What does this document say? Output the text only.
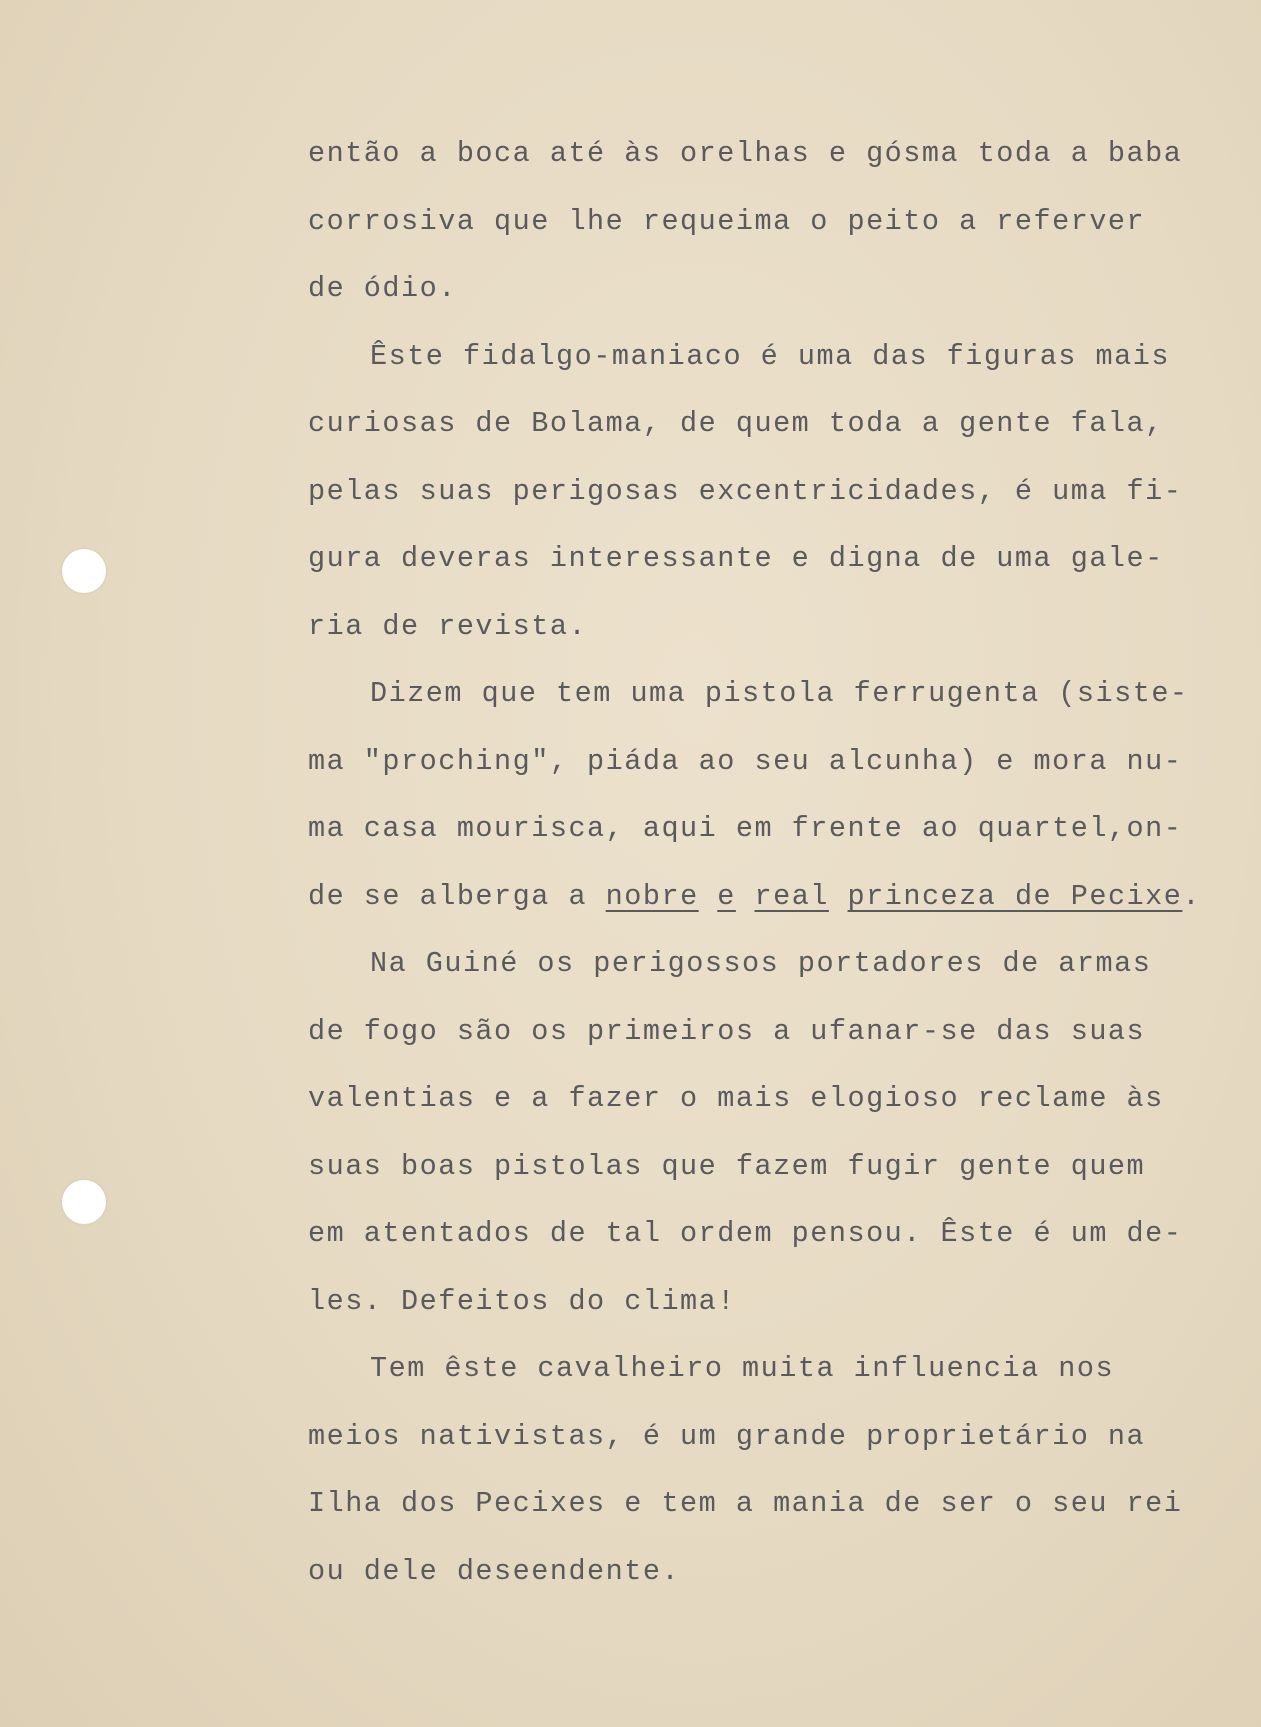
então a boca até às orelhas e gósma toda a baba
corrosiva que lhe requeima o peito a referver
de ódio.
Êste fidalgo-maniaco é uma das figuras mais
curiosas de Bolama, de quem toda a gente fala,
pelas suas perigosas excentricidades, é uma fi-
gura deveras interessante e digna de uma gale-
ria de revista.
Dizem que tem uma pistola ferrugenta (siste-
ma "proching", piáda ao seu alcunha) e mora nu-
ma casa mourisca, aqui em frente ao quartel,on-
de se alberga a nobre e real princeza de Pecixe.
Na Guiné os perigossos portadores de armas
de fogo são os primeiros a ufanar-se das suas
valentias e a fazer o mais elogioso reclame às
suas boas pistolas que fazem fugir gente quem
em atentados de tal ordem pensou. Êste é um de-
les. Defeitos do clima!
Tem êste cavalheiro muita influencia nos
meios nativistas, é um grande proprietário na
Ilha dos Pecixes e tem a mania de ser o seu rei
ou dele deseendente.
